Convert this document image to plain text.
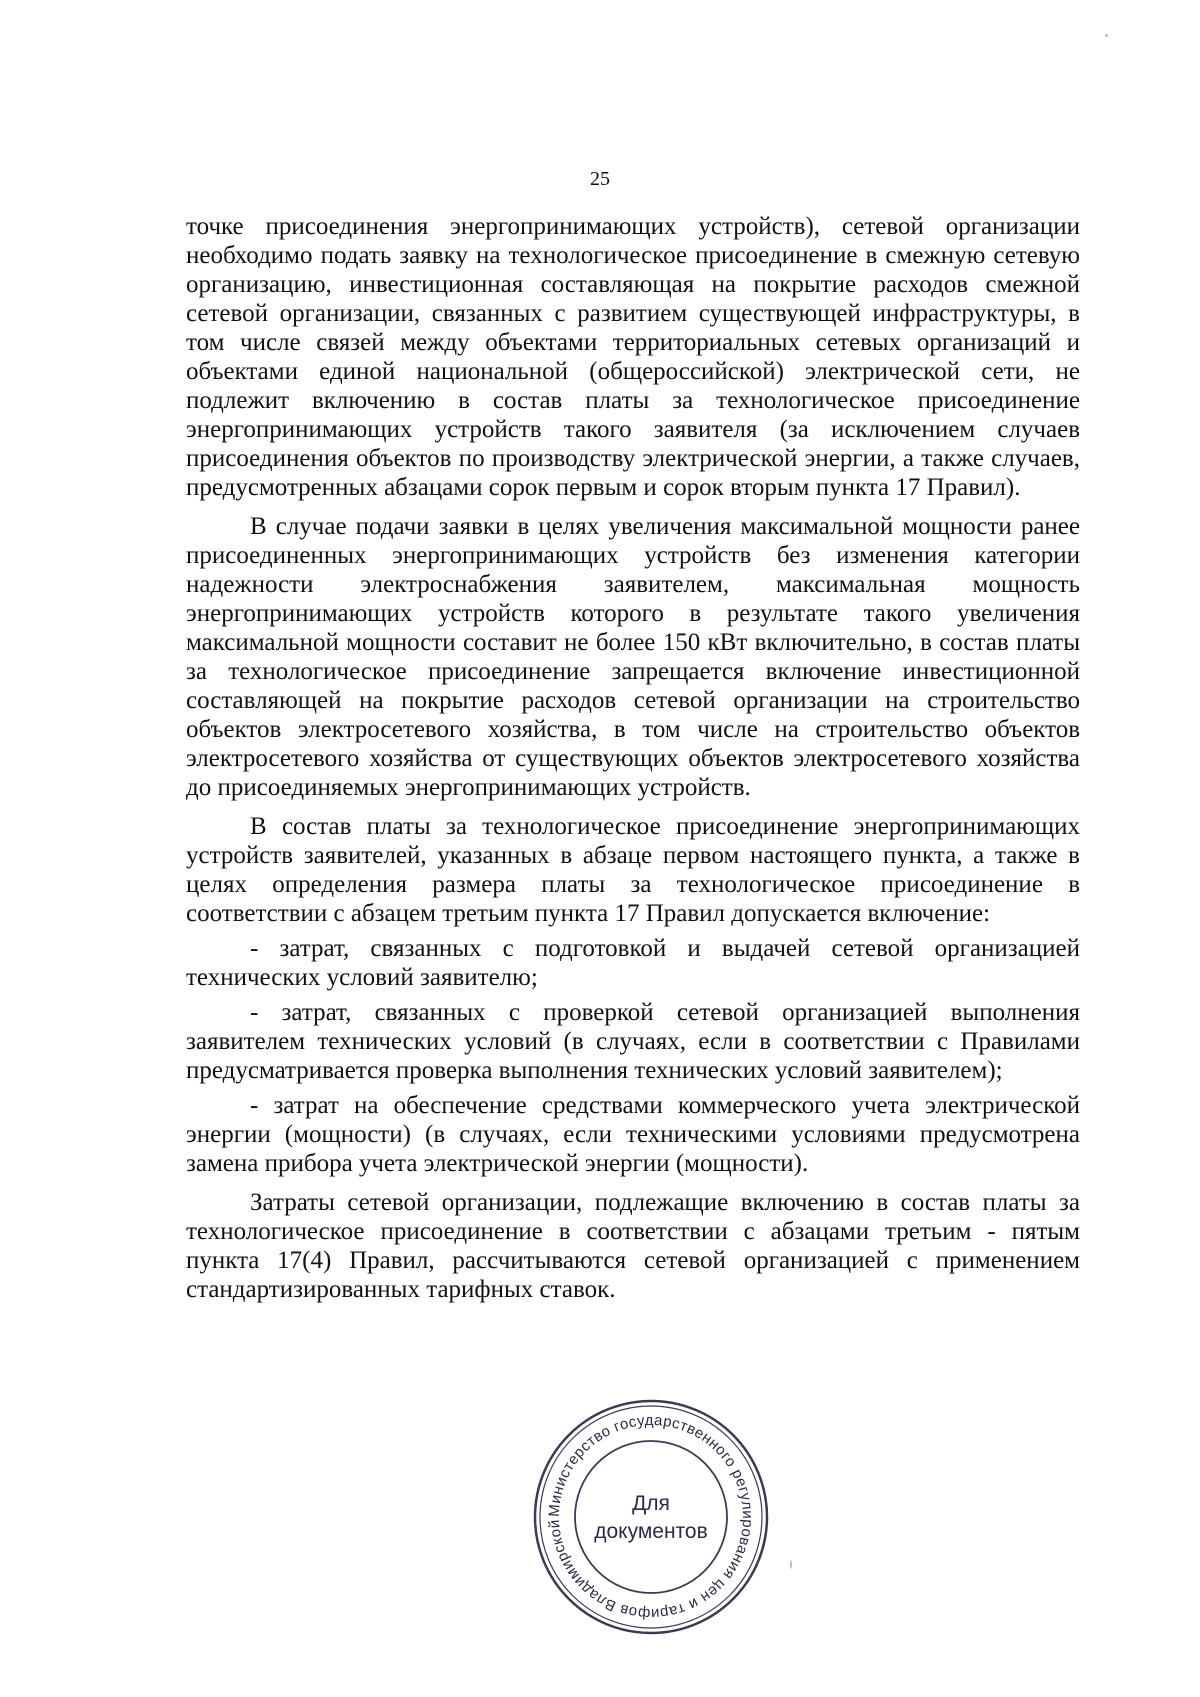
25

точке присоединения энергопринимающих устройств), сетевой организации необходимо подать заявку на технологическое присоединение в смежную сетевую организацию, инвестиционная составляющая на покрытие расходов смежной сетевой организации, связанных с развитием существующей инфраструктуры, в том числе связей между объектами территориальных сетевых организаций и объектами единой национальной (общероссийской) электрической сети, не подлежит включению в состав платы за технологическое присоединение энергопринимающих устройств такого заявителя (за исключением случаев присоединения объектов по производству электрической энергии, а также случаев, предусмотренных абзацами сорок первым и сорок вторым пункта 17 Правил).

В случае подачи заявки в целях увеличения максимальной мощности ранее присоединенных энергопринимающих устройств без изменения категории надежности электроснабжения заявителем, максимальная мощность энергопринимающих устройств которого в результате такого увеличения максимальной мощности составит не более 150 кВт включительно, в состав платы за технологическое присоединение запрещается включение инвестиционной составляющей на покрытие расходов сетевой организации на строительство объектов электросетевого хозяйства, в том числе на строительство объектов электросетевого хозяйства от существующих объектов электросетевого хозяйства до присоединяемых энергопринимающих устройств.

В состав платы за технологическое присоединение энергопринимающих устройств заявителей, указанных в абзаце первом настоящего пункта, а также в целях определения размера платы за технологическое присоединение в соответствии с абзацем третьим пункта 17 Правил допускается включение:

- затрат, связанных с подготовкой и выдачей сетевой организацией технических условий заявителю;

- затрат, связанных с проверкой сетевой организацией выполнения заявителем технических условий (в случаях, если в соответствии с Правилами предусматривается проверка выполнения технических условий заявителем);

- затрат на обеспечение средствами коммерческого учета электрической энергии (мощности) (в случаях, если техническими условиями предусмотрена замена прибора учета электрической энергии (мощности).

Затраты сетевой организации, подлежащие включению в состав платы за технологическое присоединение в соответствии с абзацами третьим - пятым пункта 17(4) Правил, рассчитываются сетевой организацией с применением стандартизированных тарифных ставок.

Министерство государственного регулирования цен и тарифов Владимирской
Для
документов
